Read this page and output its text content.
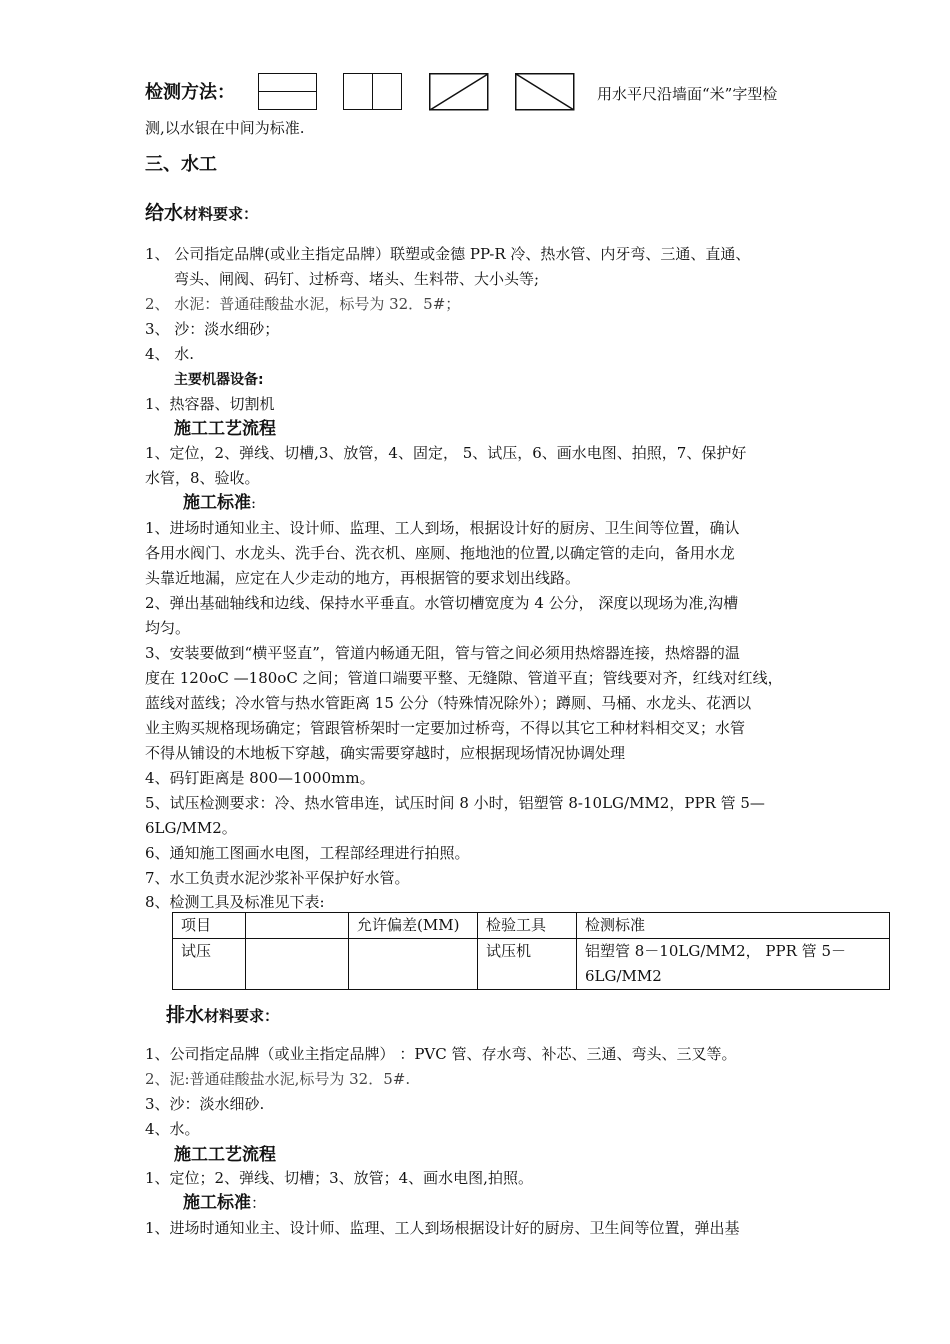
检测方法：	用水平尺沿墙面“米”字型检
测,以水银在中间为标准.
三、水工
给水材料要求：
1、 公司指定品牌(或业主指定品牌）联塑或金德 PP-R 冷、热水管、内牙弯、三通、直通、
弯头、闸阀、码钉、过桥弯、堵头、生料带、大小头等;
2、 水泥：普通硅酸盐水泥，标号为 32．5#；
3、 沙：淡水细砂；
4、 水.
主要机器设备:
1、热容器、切割机
施工工艺流程
1、定位，2、弹线、切槽,3、放管，4、固定， 5、试压，6、画水电图、拍照，7、保护好
水管，8、验收。
施工标准:
1、进场时通知业主、设计师、监理、工人到场，根据设计好的厨房、卫生间等位置，确认
各用水阀门、水龙头、洗手台、洗衣机、座厕、拖地池的位置,以确定管的走向，备用水龙
头靠近地漏，应定在人少走动的地方，再根据管的要求划出线路。
2、弹出基础轴线和边线、保持水平垂直。水管切槽宽度为 4 公分， 深度以现场为准,沟槽
均匀。
3、安装要做到“横平竖直”，管道内畅通无阻，管与管之间必须用热熔器连接，热熔器的温
度在 120oC —180oC 之间；管道口端要平整、无缝隙、管道平直；管线要对齐，红线对红线，
蓝线对蓝线；冷水管与热水管距离 15 公分（特殊情况除外）；蹲厕、马桶、水龙头、花洒以
业主购买规格现场确定；管跟管桥架时一定要加过桥弯，不得以其它工种材料相交叉；水管
不得从铺设的木地板下穿越，确实需要穿越时，应根据现场情况协调处理
4、码钉距离是 800—1000mm。
5、试压检测要求：冷、热水管串连，试压时间 8 小时，铝塑管 8-10LG/MM2，PPR 管 5—
6LG/MM2。
6、通知施工图画水电图，工程部经理进行拍照。
7、水工负责水泥沙浆补平保护好水管。
8、检测工具及标准见下表:
项目		允许偏差(MM)	检验工具	检测标准
试压			试压机	铝塑管 8－10LG/MM2， PPR 管 5－
6LG/MM2
排水材料要求：
1、公司指定品牌（或业主指定品牌） ：PVC 管、存水弯、补芯、三通、弯头、三叉等。
2、泥:普通硅酸盐水泥,标号为 32．5#.
3、沙：淡水细砂.
4、水。
施工工艺流程
1、定位；2、弹线、切槽；3、放管；4、画水电图,拍照。
施工标准：
1、进场时通知业主、设计师、监理、工人到场根据设计好的厨房、卫生间等位置，弹出基
